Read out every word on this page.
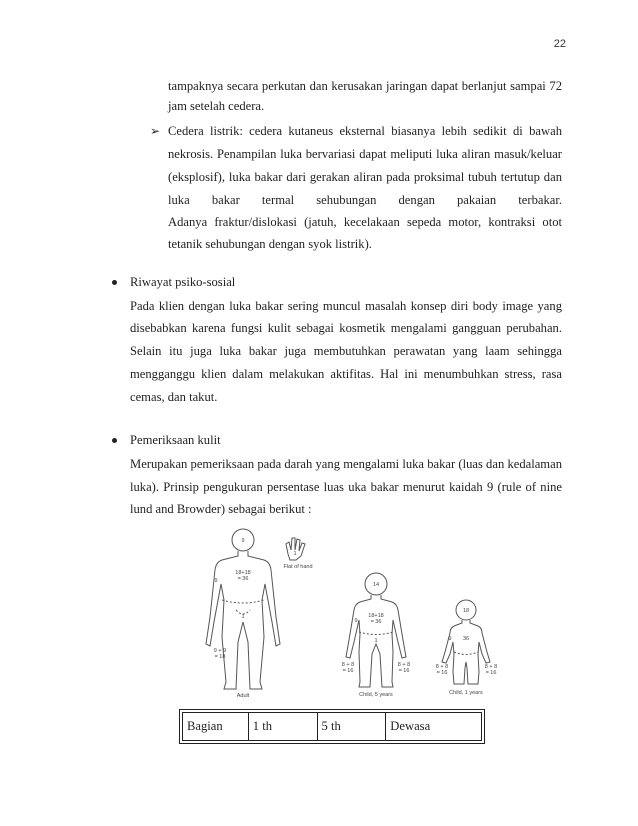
22
tampaknya secara perkutan dan kerusakan jaringan dapat berlanjut sampai 72
jam setelah cedera.
➢ Cedera listrik: cedera kutaneus eksternal biasanya lebih sedikit di bawah
nekrosis. Penampilan luka bervariasi dapat meliputi luka aliran masuk/keluar
(eksplosif), luka bakar dari gerakan aliran pada proksimal tubuh tertutup dan
luka bakar termal sehubungan dengan pakaian terbakar.
Adanya fraktur/dislokasi (jatuh, kecelakaan sepeda motor, kontraksi otot
tetanik sehubungan dengan syok listrik).
Riwayat psiko-sosial
Pada klien dengan luka bakar sering muncul masalah konsep diri body image yang
disebabkan karena fungsi kulit sebagai kosmetik mengalami gangguan perubahan.
Selain itu juga luka bakar juga membutuhkan perawatan yang laam sehingga
mengganggu klien dalam melakukan aktifitas. Hal ini menumbuhkan stress, rasa
cemas, dan takut.
Pemeriksaan kulit
Merupakan pemeriksaan pada darah yang mengalami luka bakar (luas dan kedalaman
luka). Prinsip pengukuran persentase luas uka bakar menurut kaidah 9 (rule of nine
lund and Browder) sebagai berikut :
9
18+18
= 36
9
1
9 + 9
= 18
Adult
1
Flat of hand
14
18+18
= 36
9
1
8 + 8
= 16
8 + 8
= 16
Child, 5 years
18
36
9
8 + 8
= 16
8 + 8
= 16
Child, 1 years
Bagian	1 th	5 th	Dewasa
